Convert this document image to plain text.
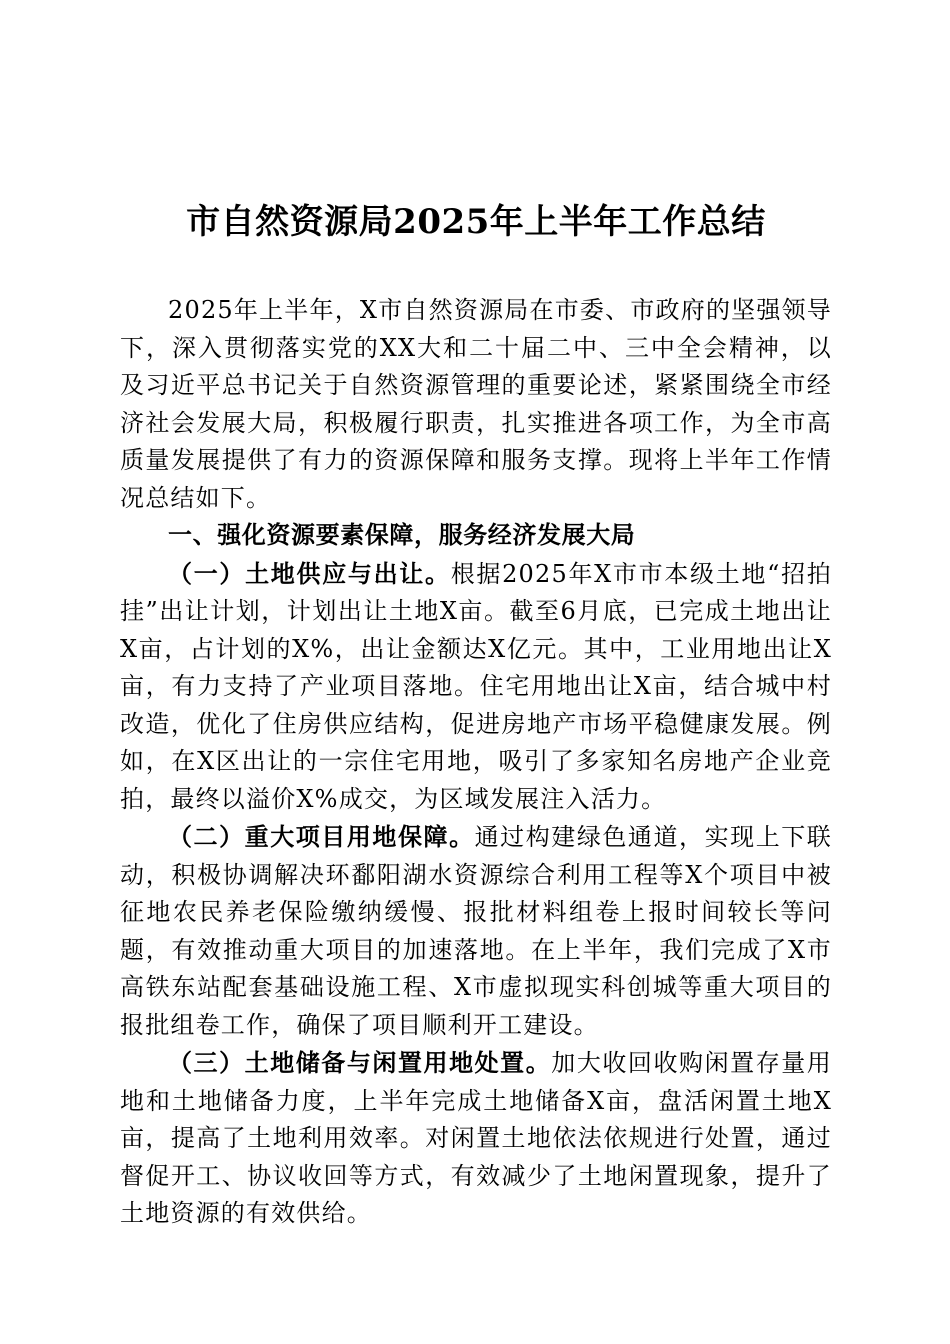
市自然资源局2025年上半年工作总结

2025年上半年，X市自然资源局在市委、市政府的坚强领导下，深入贯彻落实党的XX大和二十届二中、三中全会精神，以及习近平总书记关于自然资源管理的重要论述，紧紧围绕全市经济社会发展大局，积极履行职责，扎实推进各项工作，为全市高质量发展提供了有力的资源保障和服务支撑。现将上半年工作情况总结如下。

一、强化资源要素保障，服务经济发展大局

（一）土地供应与出让。根据2025年X市市本级土地“招拍挂”出让计划，计划出让土地X亩。截至6月底，已完成土地出让X亩，占计划的X%，出让金额达X亿元。其中，工业用地出让X亩，有力支持了产业项目落地。住宅用地出让X亩，结合城中村改造，优化了住房供应结构，促进房地产市场平稳健康发展。例如，在X区出让的一宗住宅用地，吸引了多家知名房地产企业竞拍，最终以溢价X%成交，为区域发展注入活力。

（二）重大项目用地保障。通过构建绿色通道，实现上下联动，积极协调解决环鄱阳湖水资源综合利用工程等X个项目中被征地农民养老保险缴纳缓慢、报批材料组卷上报时间较长等问题，有效推动重大项目的加速落地。在上半年，我们完成了X市高铁东站配套基础设施工程、X市虚拟现实科创城等重大项目的报批组卷工作，确保了项目顺利开工建设。

（三）土地储备与闲置用地处置。加大收回收购闲置存量用地和土地储备力度，上半年完成土地储备X亩，盘活闲置土地X亩，提高了土地利用效率。对闲置土地依法依规进行处置，通过督促开工、协议收回等方式，有效减少了土地闲置现象，提升了土地资源的有效供给。
